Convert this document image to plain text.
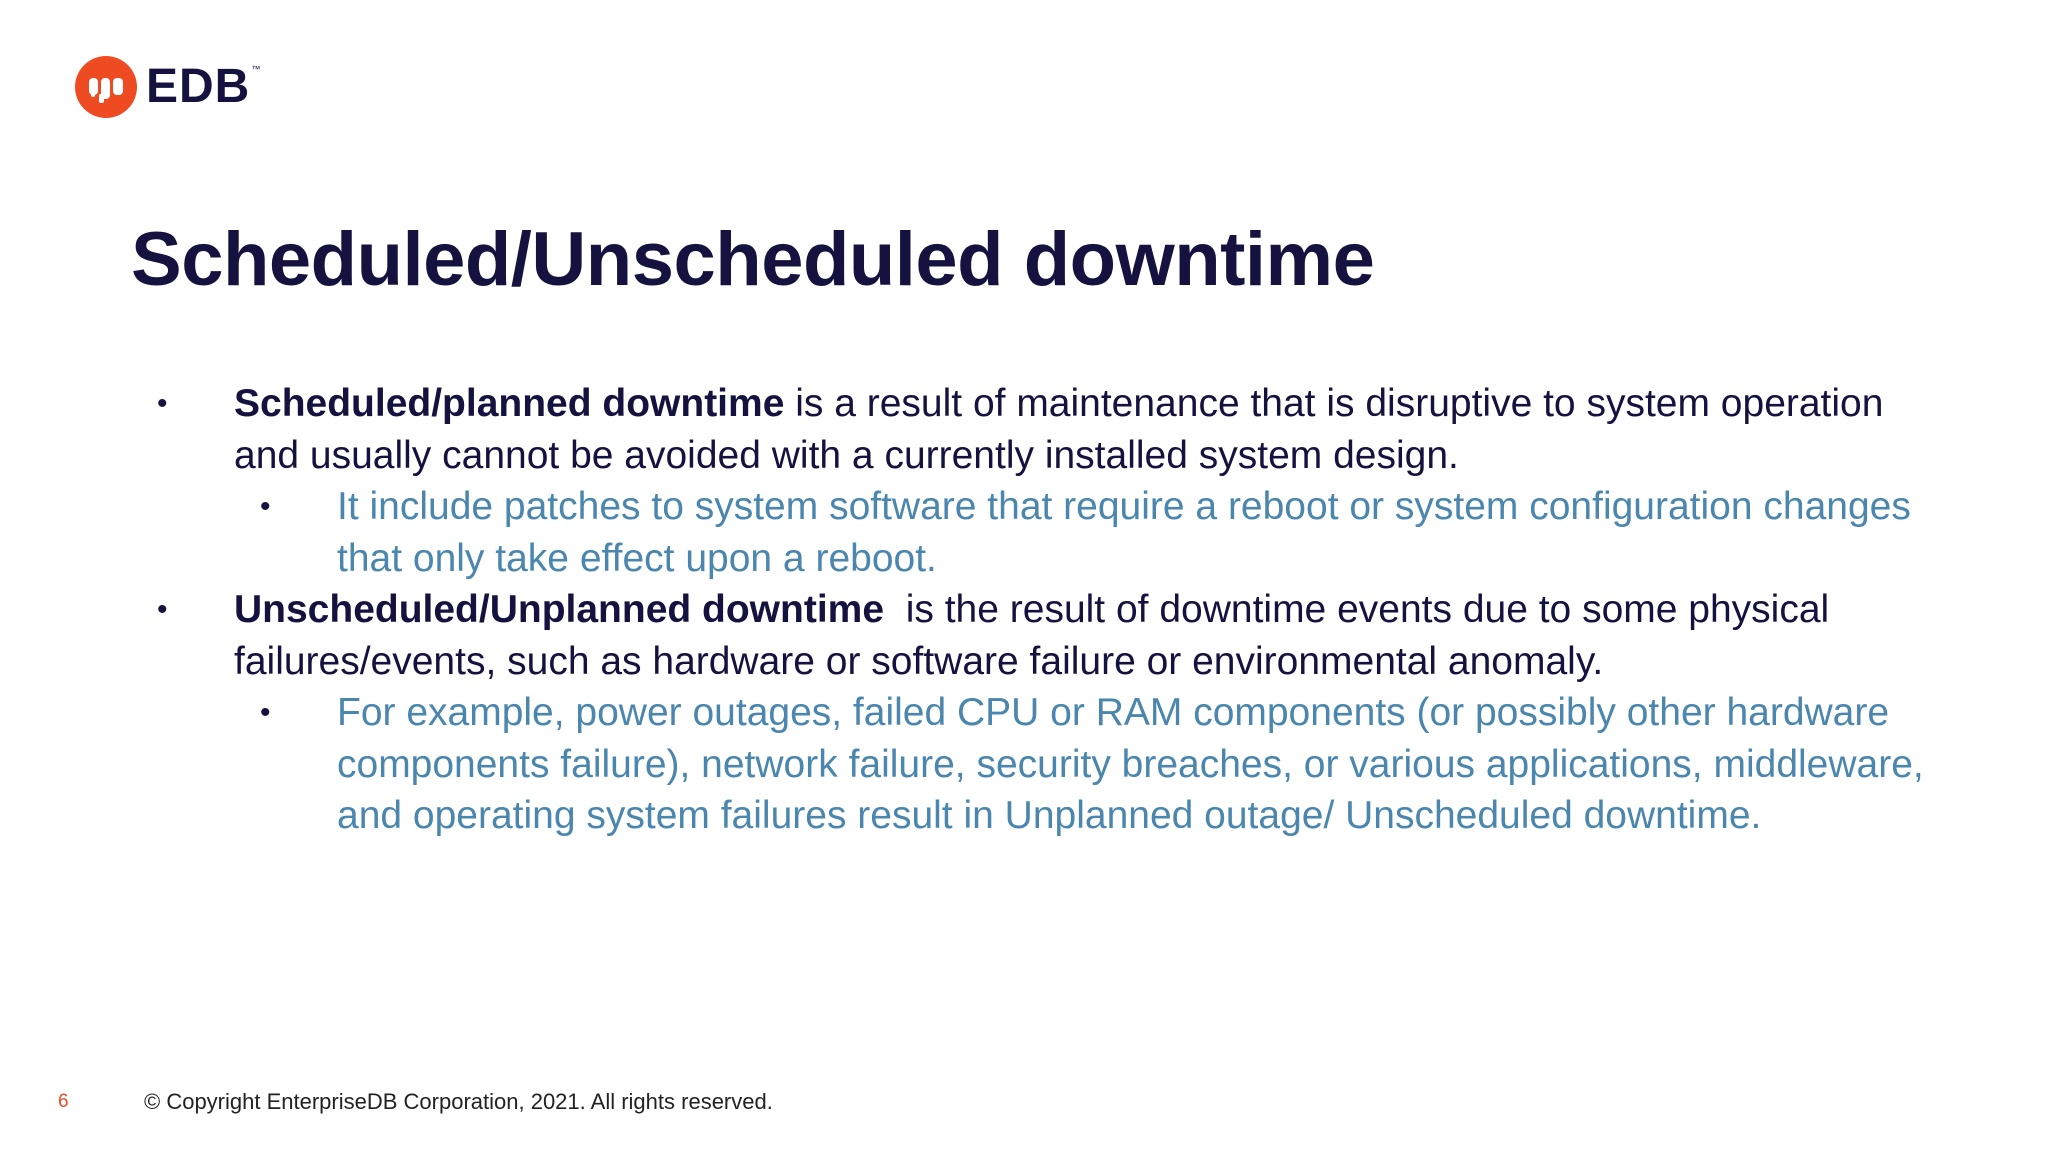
EDB ™
Scheduled/Unscheduled downtime
• Scheduled/planned downtime is a result of maintenance that is disruptive to system operation and usually cannot be avoided with a currently installed system design.
• It include patches to system software that require a reboot or system configuration changes that only take effect upon a reboot.
• Unscheduled/Unplanned downtime  is the result of downtime events due to some physical failures/events, such as hardware or software failure or environmental anomaly.
• For example, power outages, failed CPU or RAM components (or possibly other hardware components failure), network failure, security breaches, or various applications, middleware, and operating system failures result in Unplanned outage/ Unscheduled downtime.
6	© Copyright EnterpriseDB Corporation, 2021. All rights reserved.
